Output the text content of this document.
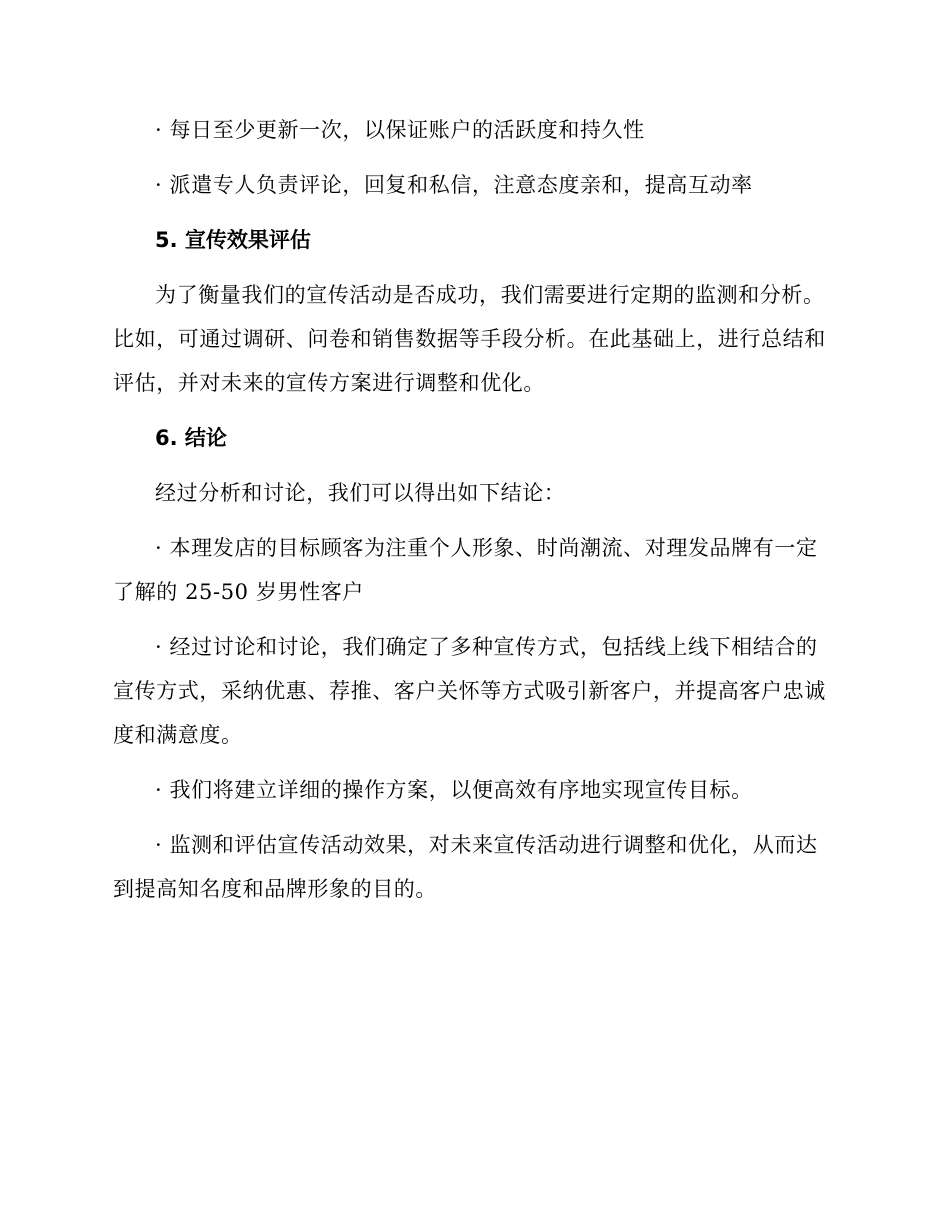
· 每日至少更新一次，以保证账户的活跃度和持久性

· 派遣专人负责评论，回复和私信，注意态度亲和，提高互动率

5. 宣传效果评估

为了衡量我们的宣传活动是否成功，我们需要进行定期的监测和分析。比如，可通过调研、问卷和销售数据等手段分析。在此基础上，进行总结和评估，并对未来的宣传方案进行调整和优化。

6. 结论

经过分析和讨论，我们可以得出如下结论：

· 本理发店的目标顾客为注重个人形象、时尚潮流、对理发品牌有一定了解的 25-50 岁男性客户

· 经过讨论和讨论，我们确定了多种宣传方式，包括线上线下相结合的宣传方式，采纳优惠、荐推、客户关怀等方式吸引新客户，并提高客户忠诚度和满意度。

· 我们将建立详细的操作方案，以便高效有序地实现宣传目标。

· 监测和评估宣传活动效果，对未来宣传活动进行调整和优化，从而达到提高知名度和品牌形象的目的。
